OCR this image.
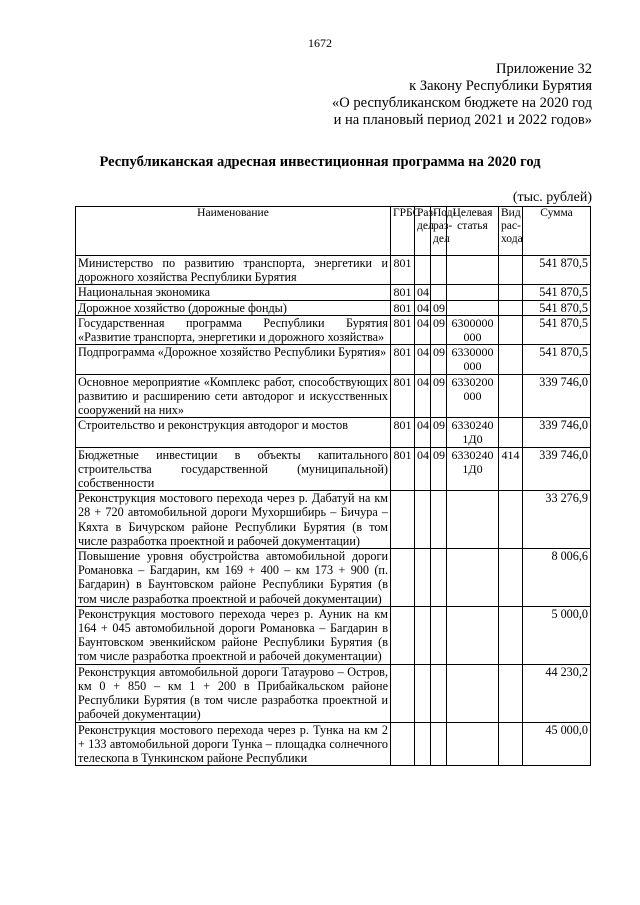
1672
Приложение 32
к Закону Республики Бурятия
«О республиканском бюджете на 2020 год
и на плановый период 2021 и 2022 годов»
Республиканская адресная инвестиционная программа на 2020 год
(тыс. рублей)
Наименование	ГРБС	Раз-дел	Под-раз-дел	Целевая статья	Вид рас-хода	Сумма
Министерство по развитию транспорта, энергетики и дорожного хозяйства Республики Бурятия	801					541 870,5
Национальная экономика	801	04				541 870,5
Дорожное хозяйство (дорожные фонды)	801	04	09			541 870,5
Государственная программа Республики Бурятия «Развитие транспорта, энергетики и дорожного хозяйства»	801	04	09	6300000 000		541 870,5
Подпрограмма «Дорожное хозяйство Республики Бурятия»	801	04	09	6330000 000		541 870,5
Основное мероприятие «Комплекс работ, способствующих развитию и расширению сети автодорог и искусственных сооружений на них»	801	04	09	6330200 000		339 746,0
Строительство и реконструкция автодорог и мостов	801	04	09	6330240 1Д0		339 746,0
Бюджетные инвестиции в объекты капитального строительства государственной (муниципальной) собственности	801	04	09	6330240 1Д0	414	339 746,0
Реконструкция мостового перехода через р. Дабатуй на км 28 + 720 автомобильной дороги Мухоршибирь – Бичура – Кяхта в Бичурском районе Республики Бурятия (в том числе разработка проектной и рабочей документации)						33 276,9
Повышение уровня обустройства автомобильной дороги Романовка – Багдарин, км 169 + 400 – км 173 + 900 (п. Багдарин) в Баунтовском районе Республики Бурятия (в том числе разработка проектной и рабочей документации)						8 006,6
Реконструкция мостового перехода через р. Ауник на км 164 + 045 автомобильной дороги Романовка – Багдарин в Баунтовском эвенкийском районе Республики Бурятия (в том числе разработка проектной и рабочей документации)						5 000,0
Реконструкция автомобильной дороги Татаурово – Остров, км 0 + 850 – км 1 + 200 в Прибайкальском районе Республики Бурятия (в том числе разработка проектной и рабочей документации)						44 230,2
Реконструкция мостового перехода через р. Тунка на км 2 + 133 автомобильной дороги Тунка – площадка солнечного телескопа в Тункинском районе Республики						45 000,0
